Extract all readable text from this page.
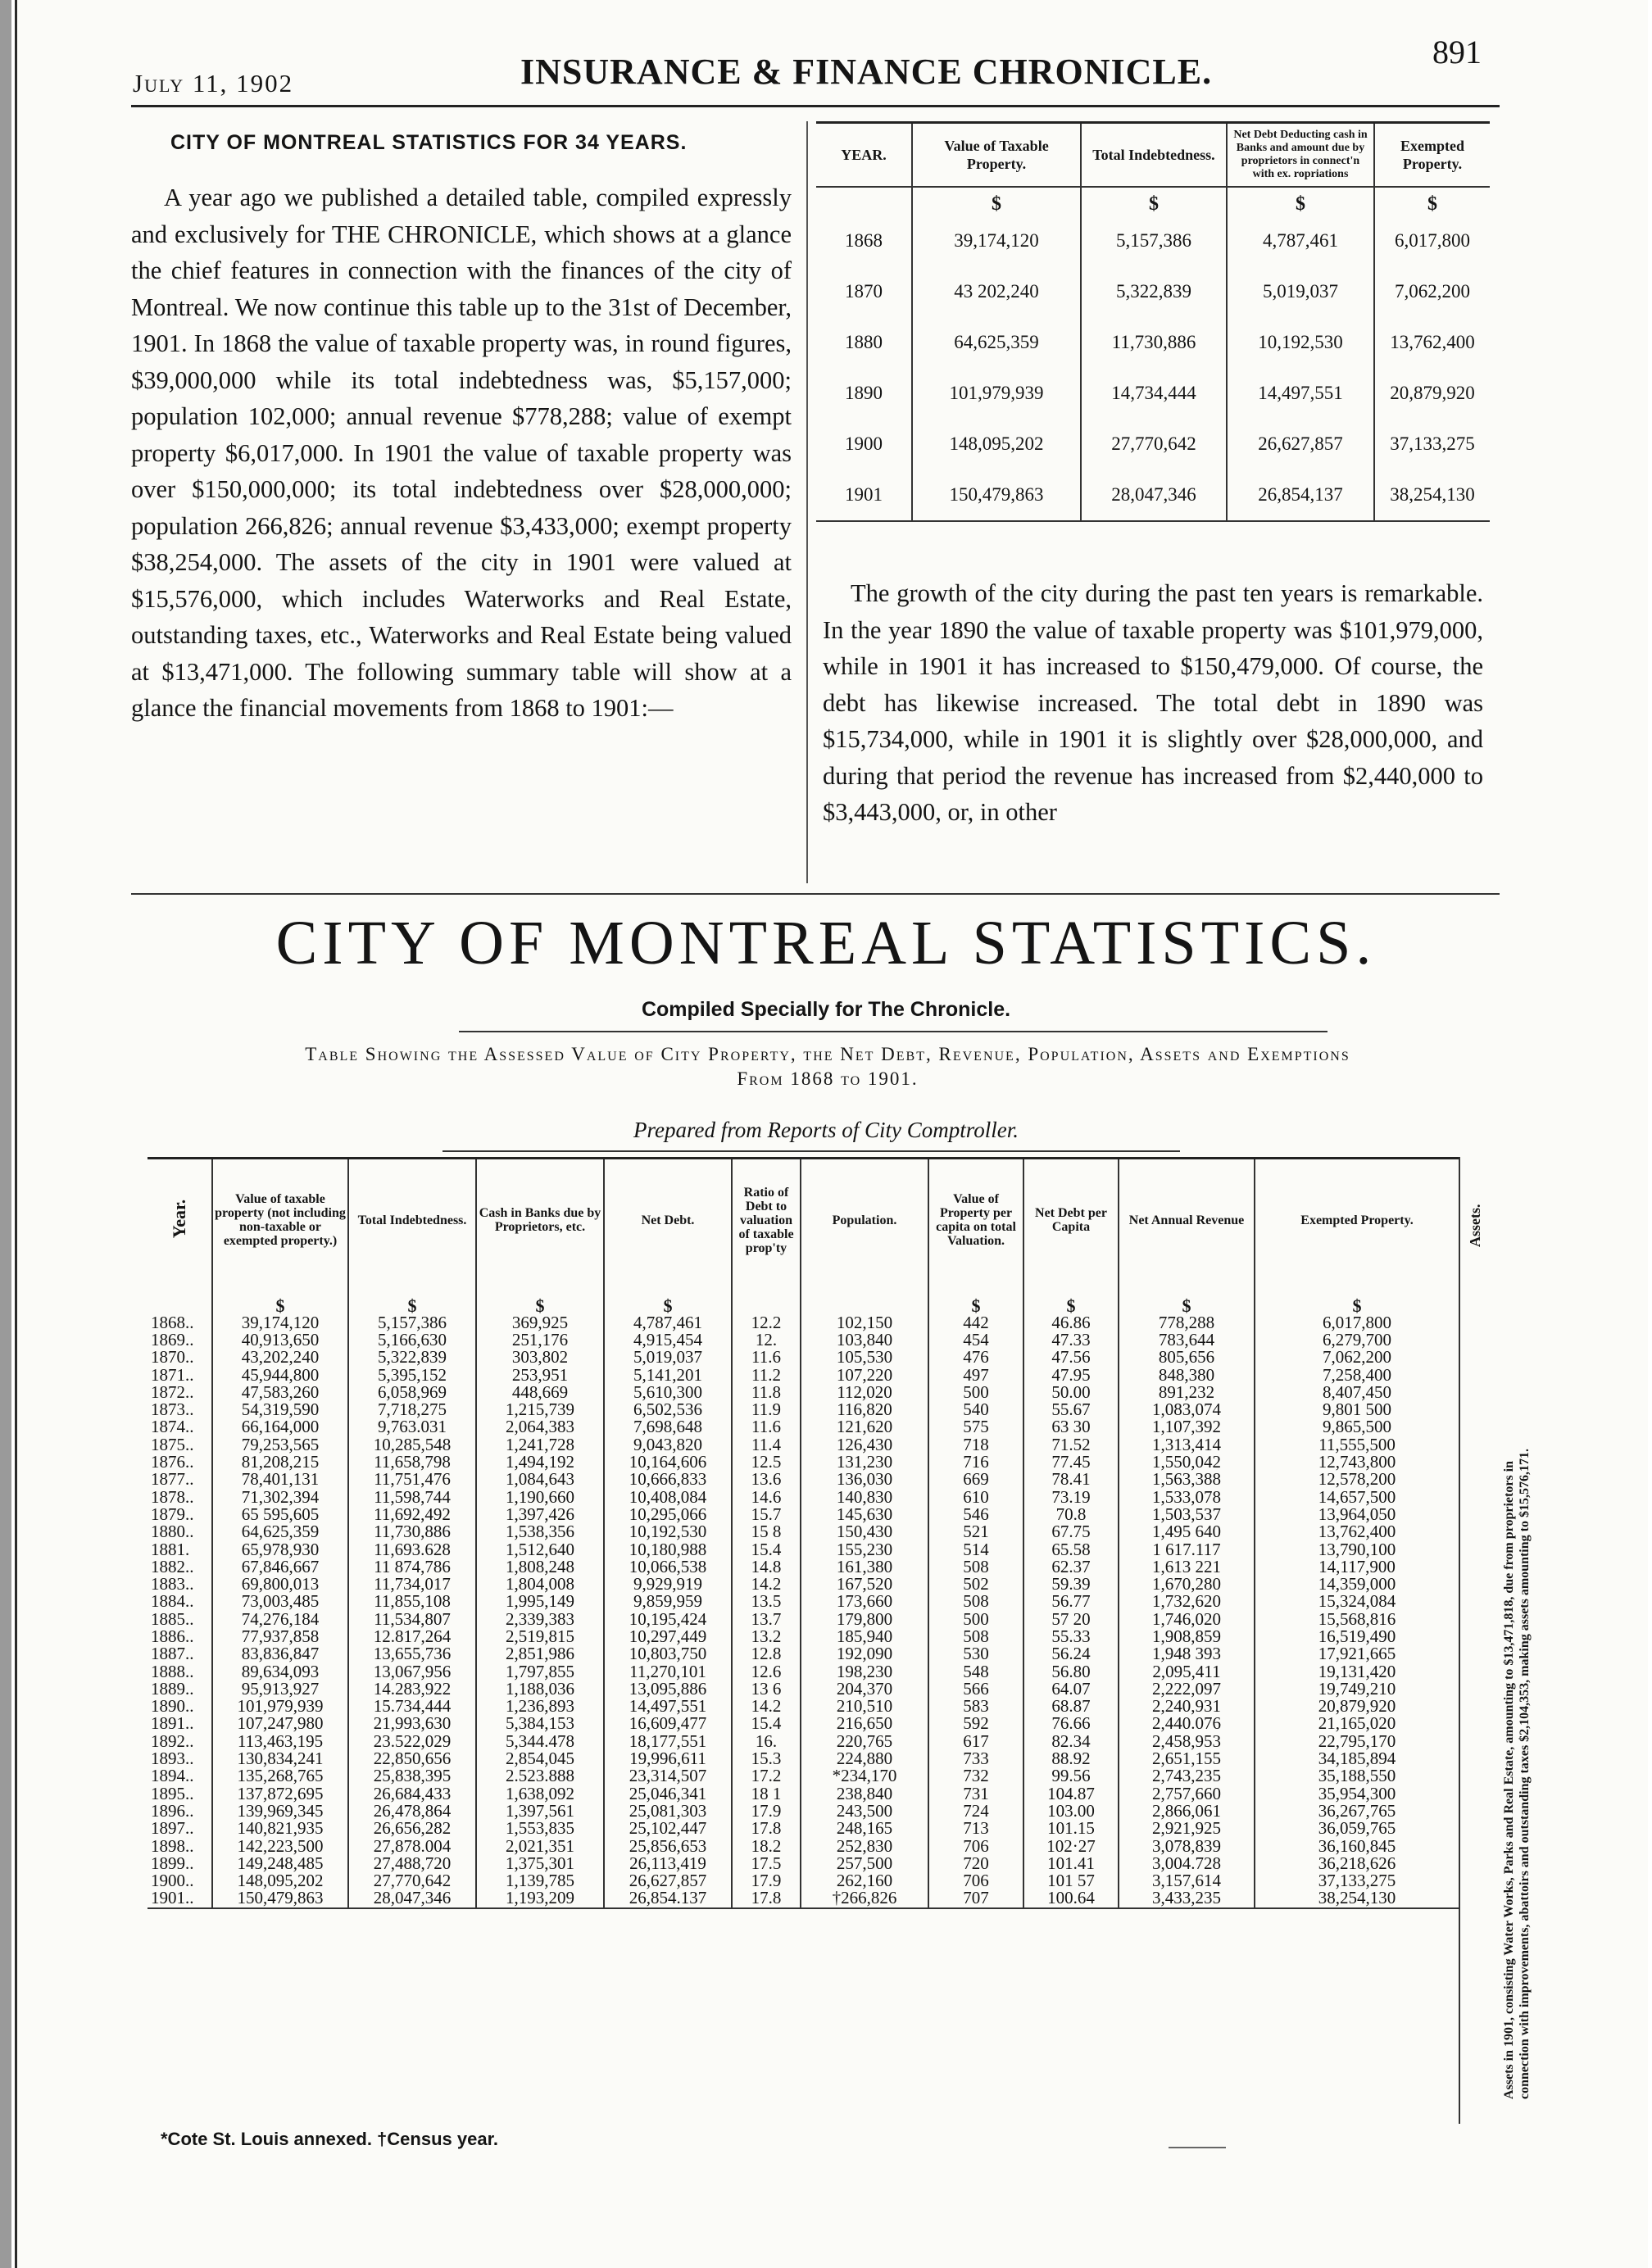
July 11, 1902	INSURANCE & FINANCE CHRONICLE.	891
CITY OF MONTREAL STATISTICS FOR 34 YEARS.

A year ago we published a detailed table, compiled expressly and exclusively for THE CHRONICLE, which shows at a glance the chief features in connection with the finances of the city of Montreal. We now continue this table up to the 31st of December, 1901. In 1868 the value of taxable property was, in round figures, $39,000,000 while its total indebtedness was, $5,157,000; population 102,000; annual revenue $778,288; value of exempt property $6,017,000. In 1901 the value of taxable property was over $150,000,000; its total indebtedness over $28,000,000; population 266,826; annual revenue $3,433,000; exempt property $38,254,000. The assets of the city in 1901 were valued at $15,576,000, which includes Waterworks and Real Estate, outstanding taxes, etc., Waterworks and Real Estate being valued at $13,471,000. The following summary table will show at a glance the financial movements from 1868 to 1901:—

YEAR.	Value of Taxable Property.	Total Indebtedness.	Net Debt Deducting cash in Banks and amount due by proprietors in connect'n with ex. ropriations	Exempted Property.
	$	$	$	$
1868	39,174,120	5,157,386	4,787,461	6,017,800
1870	43 202,240	5,322,839	5,019,037	7,062,200
1880	64,625,359	11,730,886	10,192,530	13,762,400
1890	101,979,939	14,734,444	14,497,551	20,879,920
1900	148,095,202	27,770,642	26,627,857	37,133,275
1901	150,479,863	28,047,346	26,854,137	38,254,130

The growth of the city during the past ten years is remarkable. In the year 1890 the value of taxable property was $101,979,000, while in 1901 it has increased to $150,479,000. Of course, the debt has likewise increased. The total debt in 1890 was $15,734,000, while in 1901 it is slightly over $28,000,000, and during that period the revenue has increased from $2,440,000 to $3,443,000, or, in other

CITY OF MONTREAL STATISTICS.
Compiled Specially for The Chronicle.
Table Showing the Assessed Value of City Property, the Net Debt, Revenue, Population, Assets and Exemptions
From 1868 to 1901.
Prepared from Reports of City Comptroller.
Year.	Value of taxable property (not including non-taxable or exempted property.)	Total Indebtedness.	Cash in Banks due by Proprietors, etc.	Net Debt.	Ratio of Debt to valuation of taxable prop'ty	Population.	Value of Property per capita on total Valuation.	Net Debt per Capita	Net Annual Revenue	Exempted Property.
	$	$	$	$			$	$	$	$
1868..	39,174,120	5,157,386	369,925	4,787,461	12.2	102,150	442	46.86	778,288	6,017,800
1869..	40,913,650	5,166,630	251,176	4,915,454	12.	103,840	454	47.33	783,644	6,279,700
1870..	43,202,240	5,322,839	303,802	5,019,037	11.6	105,530	476	47.56	805,656	7,062,200
1871..	45,944,800	5,395,152	253,951	5,141,201	11.2	107,220	497	47.95	848,380	7,258,400
1872..	47,583,260	6,058,969	448,669	5,610,300	11.8	112,020	500	50.00	891,232	8,407,450
1873..	54,319,590	7,718,275	1,215,739	6,502,536	11.9	116,820	540	55.67	1,083,074	9,801 500
1874..	66,164,000	9,763.031	2,064,383	7,698,648	11.6	121,620	575	63 30	1,107,392	9,865,500
1875..	79,253,565	10,285,548	1,241,728	9,043,820	11.4	126,430	718	71.52	1,313,414	11,555,500
1876..	81,208,215	11,658,798	1,494,192	10,164,606	12.5	131,230	716	77.45	1,550,042	12,743,800
1877..	78,401,131	11,751,476	1,084,643	10,666,833	13.6	136,030	669	78.41	1,563,388	12,578,200
1878..	71,302,394	11,598,744	1,190,660	10,408,084	14.6	140,830	610	73.19	1,533,078	14,657,500
1879..	65 595,605	11,692,492	1,397,426	10,295,066	15.7	145,630	546	70.8	1,503,537	13,964,050
1880..	64,625,359	11,730,886	1,538,356	10,192,530	15 8	150,430	521	67.75	1,495 640	13,762,400
1881.	65,978,930	11,693.628	1,512,640	10,180,988	15.4	155,230	514	65.58	1 617.117	13,790,100
1882..	67,846,667	11 874,786	1,808,248	10,066,538	14.8	161,380	508	62.37	1,613 221	14,117,900
1883..	69,800,013	11,734,017	1,804,008	9,929,919	14.2	167,520	502	59.39	1,670,280	14,359,000
1884..	73,003,485	11,855,108	1,995,149	9,859,959	13.5	173,660	508	56.77	1,732,620	15,324,084
1885..	74,276,184	11,534,807	2,339,383	10,195,424	13.7	179,800	500	57 20	1,746,020	15,568,816
1886..	77,937,858	12.817,264	2,519,815	10,297,449	13.2	185,940	508	55.33	1,908,859	16,519,490
1887..	83,836,847	13,655,736	2,851,986	10,803,750	12.8	192,090	530	56.24	1,948 393	17,921,665
1888..	89,634,093	13,067,956	1,797,855	11,270,101	12.6	198,230	548	56.80	2,095,411	19,131,420
1889..	95,913,927	14.283,922	1,188,036	13,095,886	13 6	204,370	566	64.07	2,222,097	19,749,210
1890..	101,979,939	15.734,444	1,236,893	14,497,551	14.2	210,510	583	68.87	2,240,931	20,879,920
1891..	107,247,980	21,993,630	5,384,153	16,609,477	15.4	216,650	592	76.66	2,440.076	21,165,020
1892..	113,463,195	23.522,029	5,344.478	18,177,551	16.	220,765	617	82.34	2,458,953	22,795,170
1893..	130,834,241	22,850,656	2,854,045	19,996,611	15.3	224,880	733	88.92	2,651,155	34,185,894
1894..	135,268,765	25,838,395	2.523.888	23,314,507	17.2	*234,170	732	99.56	2,743,235	35,188,550
1895..	137,872,695	26,684,433	1,638,092	25,046,341	18 1	238,840	731	104.87	2,757,660	35,954,300
1896..	139,969,345	26,478,864	1,397,561	25,081,303	17.9	243,500	724	103.00	2,866,061	36,267,765
1897..	140,821,935	26,656,282	1,553,835	25,102,447	17.8	248,165	713	101.15	2,921,925	36,059,765
1898..	142,223,500	27,878.004	2,021,351	25,856,653	18.2	252,830	706	102·27	3,078,839	36,160,845
1899..	149,248,485	27,488,720	1,375,301	26,113,419	17.5	257,500	720	101.41	3,004.728	36,218,626
1900..	148,095,202	27,770,642	1,139,785	26,627,857	17.9	262,160	706	101 57	3,157,614	37,133,275
1901..	150,479,863	28,047,346	1,193,209	26,854.137	17.8	†266,826	707	100.64	3,433,235	38,254,130
Assets.
Assets in 1901, consisting Water Works, Parks and Real Estate, amounting to $13,471,818, due from proprietors in connection with improvements, abattoirs and outstanding taxes $2,104,353, making assets amounting to $15,576,171.
*Cote St. Louis annexed. †Census year.
